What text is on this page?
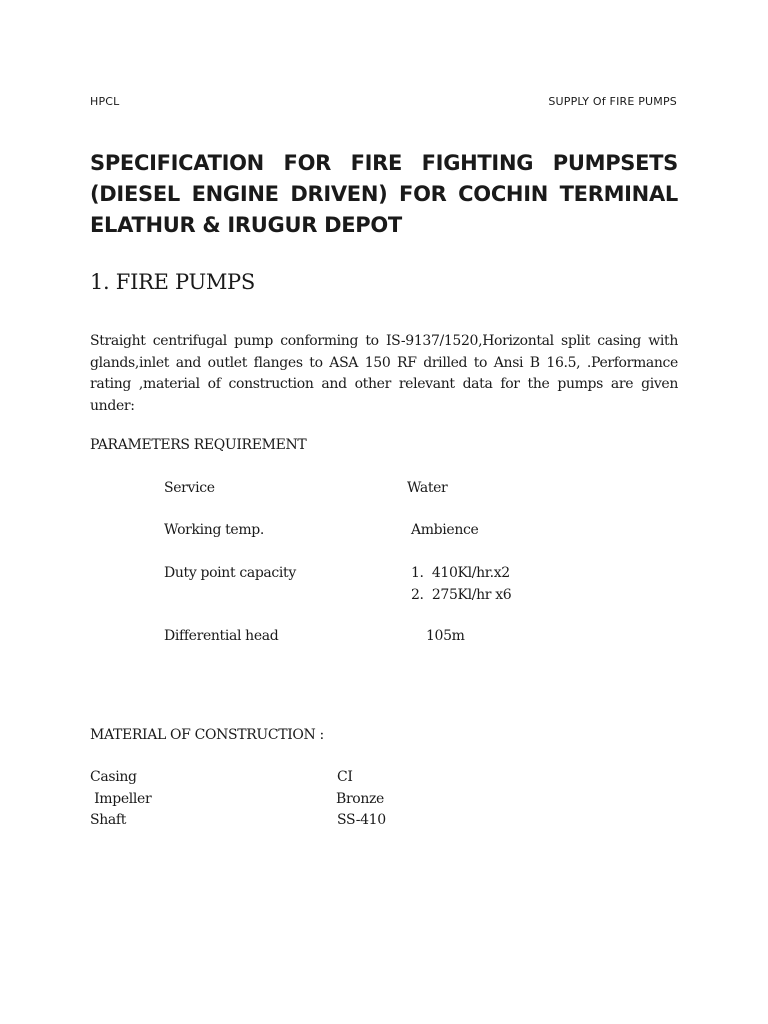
HPCL	SUPPLY Of FIRE PUMPS
SPECIFICATION FOR FIRE FIGHTING PUMPSETS (DIESEL ENGINE DRIVEN) FOR COCHIN TERMINAL ELATHUR & IRUGUR DEPOT
1. FIRE PUMPS

Straight centrifugal pump conforming to IS-9137/1520,Horizontal split casing with glands,inlet and outlet flanges to ASA 150 RF drilled to Ansi B 16.5, .Performance rating ,material of construction and other relevant data for the pumps are given under:

PARAMETERS REQUIREMENT

Service	Water
Working temp.	Ambience
Duty point capacity	1.  410Kl/hr.x2
2.  275Kl/hr x6
Differential head	105m

MATERIAL OF CONSTRUCTION :

Casing	CI
Impeller	Bronze
Shaft	SS-410
